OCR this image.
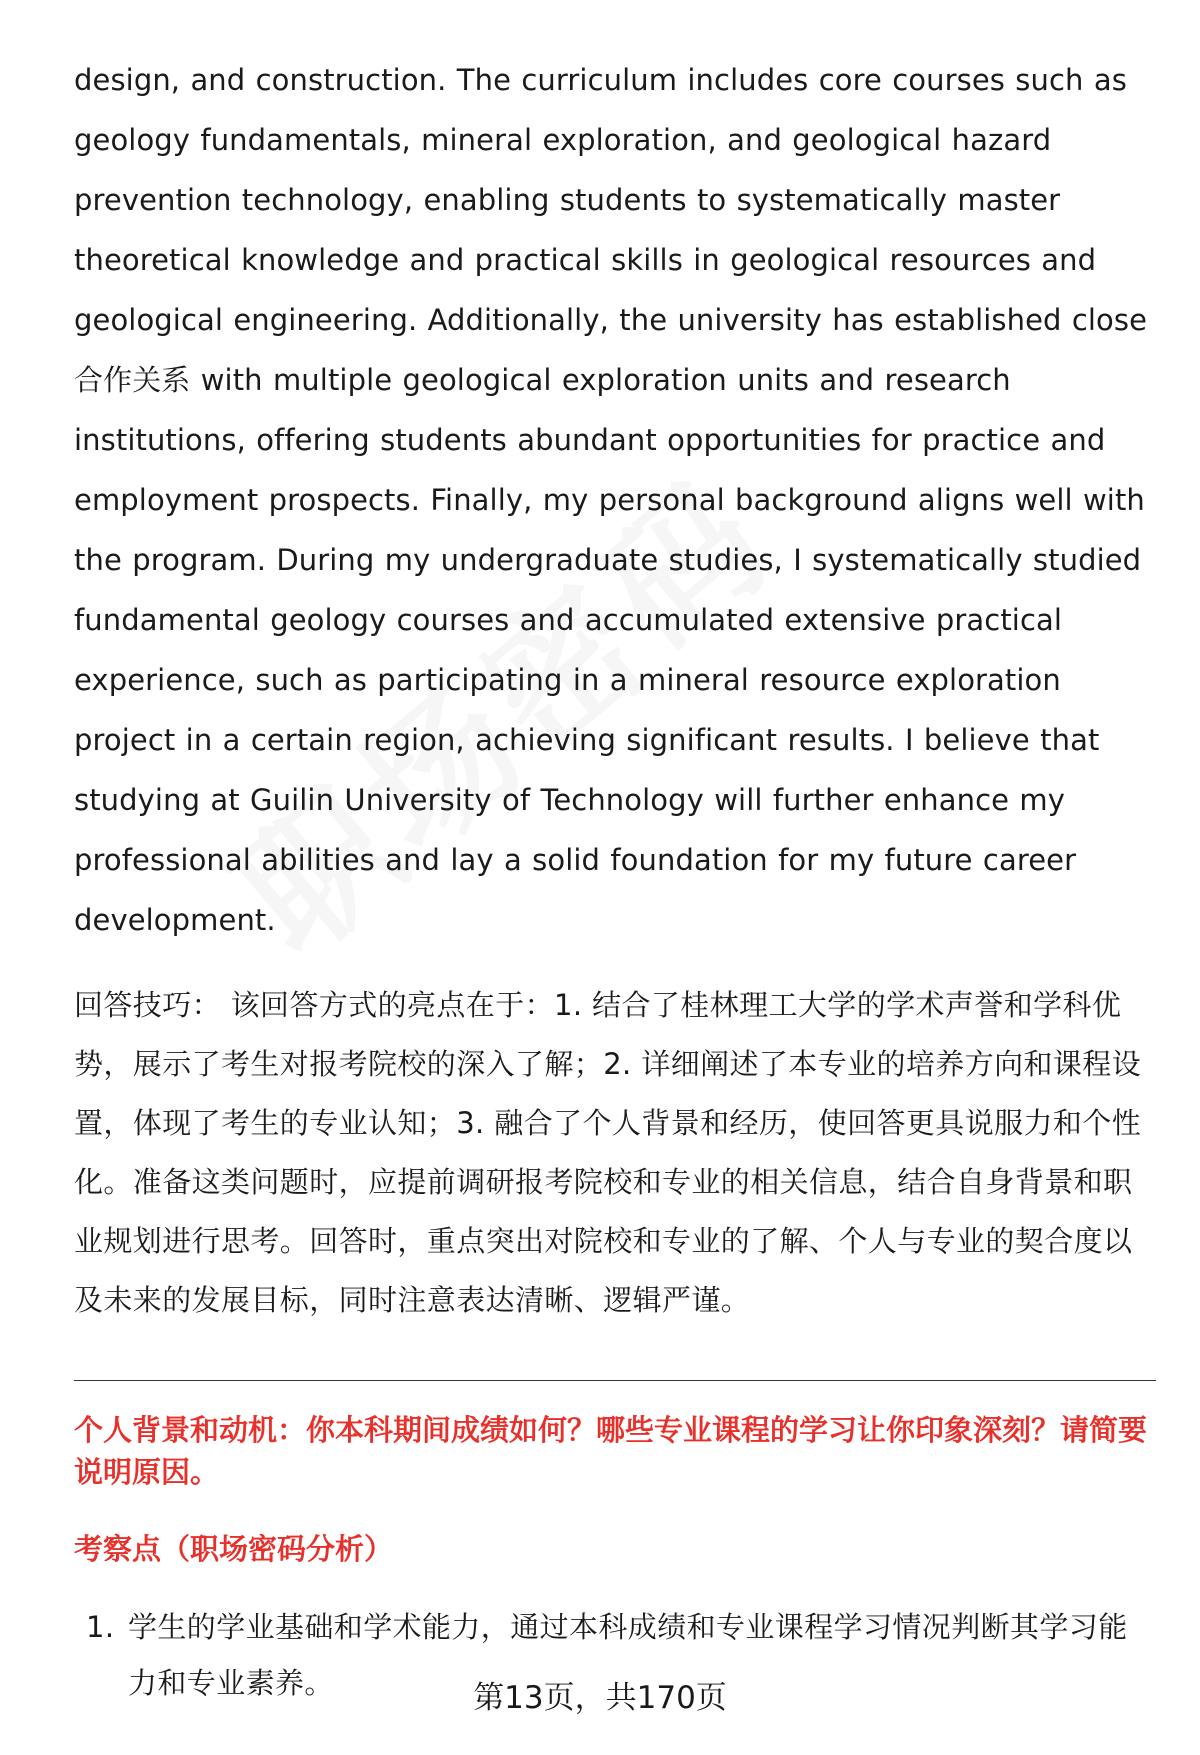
design, and construction. The curriculum includes core courses such as geology fundamentals, mineral exploration, and geological hazard prevention technology, enabling students to systematically master theoretical knowledge and practical skills in geological resources and geological engineering. Additionally, the university has established close合作关系 with multiple geological exploration units and research institutions, offering students abundant opportunities for practice and employment prospects. Finally, my personal background aligns well with the program. During my undergraduate studies, I systematically studied fundamental geology courses and accumulated extensive practical experience, such as participating in a mineral resource exploration project in a certain region, achieving significant results. I believe that studying at Guilin University of Technology will further enhance my professional abilities and lay a solid foundation for my future career development.

回答技巧： 该回答方式的亮点在于：1. 结合了桂林理工大学的学术声誉和学科优势，展示了考生对报考院校的深入了解；2. 详细阐述了本专业的培养方向和课程设置，体现了考生的专业认知；3. 融合了个人背景和经历，使回答更具说服力和个性化。准备这类问题时，应提前调研报考院校和专业的相关信息，结合自身背景和职业规划进行思考。回答时，重点突出对院校和专业的了解、个人与专业的契合度以及未来的发展目标，同时注意表达清晰、逻辑严谨。

个人背景和动机：你本科期间成绩如何？哪些专业课程的学习让你印象深刻？请简要说明原因。
考察点（职场密码分析）
1. 学生的学业基础和学术能力，通过本科成绩和专业课程学习情况判断其学习能力和专业素养。	第13页，共170页
